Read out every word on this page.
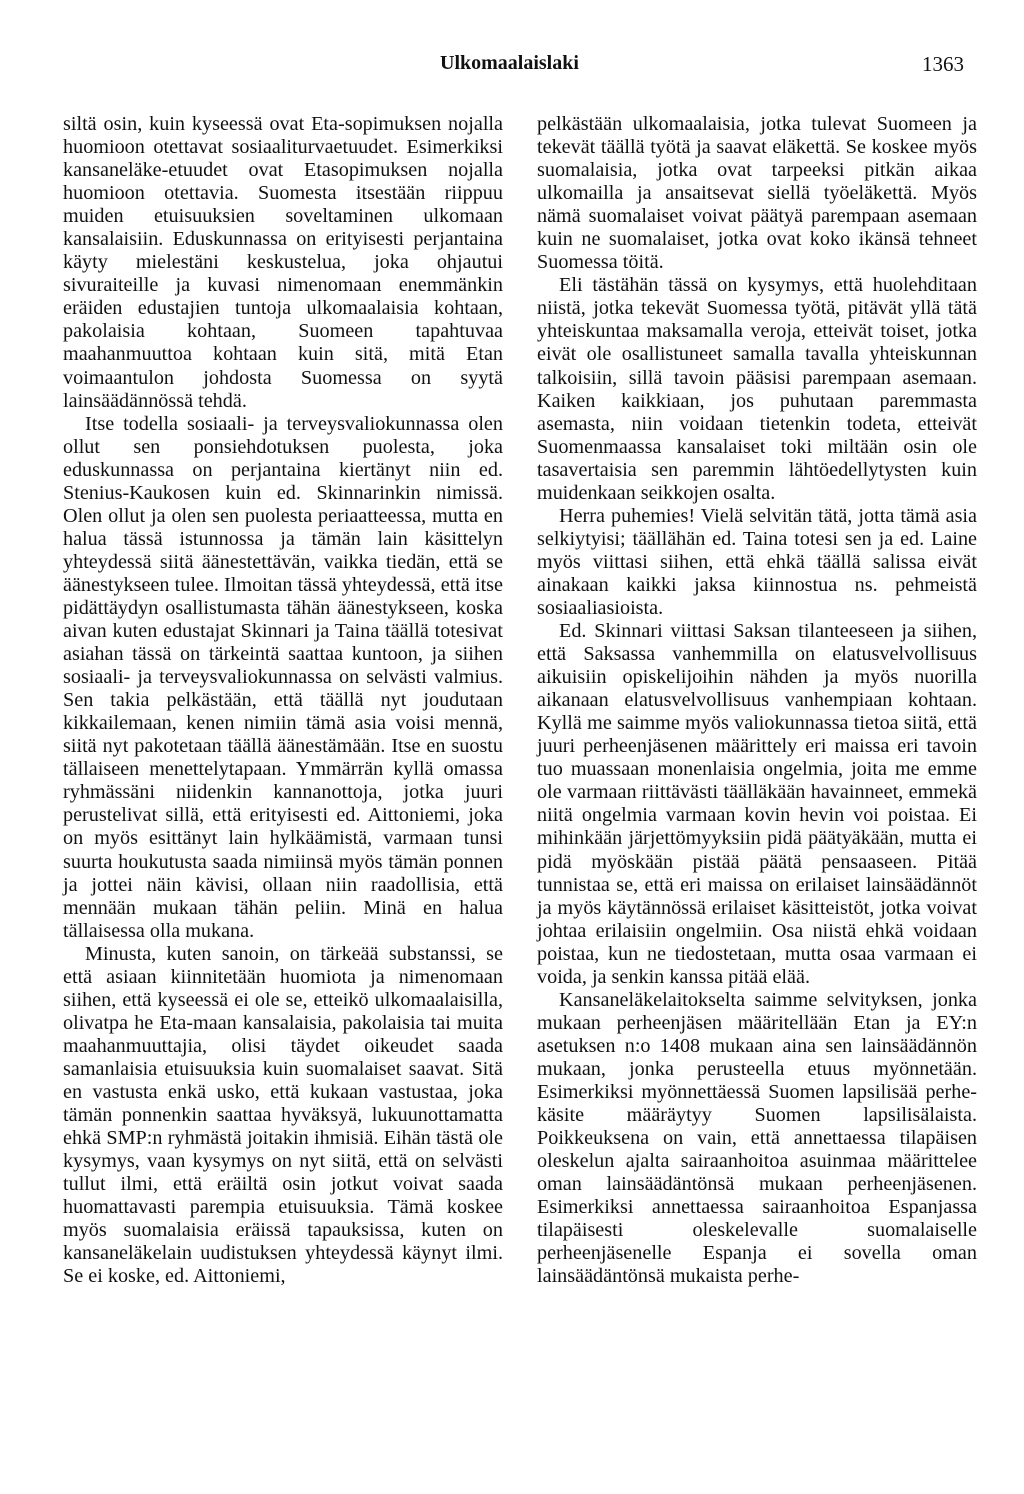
Ulkomaalaislaki	1363

siltä osin, kuin kyseessä ovat Eta-sopimuksen nojalla huomioon otettavat sosiaaliturvaetuudet. Esimerkiksi kansaneläke-etuudet ovat Etasopimuksen nojalla huomioon otettavia. Suomesta itsestään riippuu muiden etuisuuksien soveltaminen ulkomaan kansalaisiin. Eduskunnassa on erityisesti perjantaina käyty mielestäni keskustelua, joka ohjautui sivuraiteille ja kuvasi nimenomaan enemmänkin eräiden edustajien tuntoja ulkomaalaisia kohtaan, pakolaisia kohtaan, Suomeen tapahtuvaa maahanmuuttoa kohtaan kuin sitä, mitä Etan voimaantulon johdosta Suomessa on syytä lainsäädännössä tehdä.

Itse todella sosiaali- ja terveysvaliokunnassa olen ollut sen ponsiehdotuksen puolesta, joka eduskunnassa on perjantaina kiertänyt niin ed. Stenius-Kaukosen kuin ed. Skinnarinkin nimissä. Olen ollut ja olen sen puolesta periaatteessa, mutta en halua tässä istunnossa ja tämän lain käsittelyn yhteydessä siitä äänestettävän, vaikka tiedän, että se äänestykseen tulee. Ilmoitan tässä yhteydessä, että itse pidättäydyn osallistumasta tähän äänestykseen, koska aivan kuten edustajat Skinnari ja Taina täällä totesivat asiahan tässä on tärkeintä saattaa kuntoon, ja siihen sosiaali- ja terveysvaliokunnassa on selvästi valmius. Sen takia pelkästään, että täällä nyt joudutaan kikkailemaan, kenen nimiin tämä asia voisi mennä, siitä nyt pakotetaan täällä äänestämään. Itse en suostu tällaiseen menettelytapaan. Ymmärrän kyllä omassa ryhmässäni niidenkin kannanottoja, jotka juuri perustelivat sillä, että erityisesti ed. Aittoniemi, joka on myös esittänyt lain hylkäämistä, varmaan tunsi suurta houkutusta saada nimiinsä myös tämän ponnen ja jottei näin kävisi, ollaan niin raadollisia, että mennään mukaan tähän peliin. Minä en halua tällaisessa olla mukana.

Minusta, kuten sanoin, on tärkeää substanssi, se että asiaan kiinnitetään huomiota ja nimenomaan siihen, että kyseessä ei ole se, etteikö ulkomaalaisilla, olivatpa he Eta-maan kansalaisia, pakolaisia tai muita maahanmuuttajia, olisi täydet oikeudet saada samanlaisia etuisuuksia kuin suomalaiset saavat. Sitä en vastusta enkä usko, että kukaan vastustaa, joka tämän ponnenkin saattaa hyväksyä, lukuunottamatta ehkä SMP:n ryhmästä joitakin ihmisiä. Eihän tästä ole kysymys, vaan kysymys on nyt siitä, että on selvästi tullut ilmi, että eräiltä osin jotkut voivat saada huomattavasti parempia etuisuuksia. Tämä koskee myös suomalaisia eräissä tapauksissa, kuten on kansaneläkelain uudistuksen yhteydessä käynyt ilmi. Se ei koske, ed. Aittoniemi,

pelkästään ulkomaalaisia, jotka tulevat Suomeen ja tekevät täällä työtä ja saavat eläkettä. Se koskee myös suomalaisia, jotka ovat tarpeeksi pitkän aikaa ulkomailla ja ansaitsevat siellä työeläkettä. Myös nämä suomalaiset voivat päätyä parempaan asemaan kuin ne suomalaiset, jotka ovat koko ikänsä tehneet Suomessa töitä.

Eli tästähän tässä on kysymys, että huolehditaan niistä, jotka tekevät Suomessa työtä, pitävät yllä tätä yhteiskuntaa maksamalla veroja, etteivät toiset, jotka eivät ole osallistuneet samalla tavalla yhteiskunnan talkoisiin, sillä tavoin pääsisi parempaan asemaan. Kaiken kaikkiaan, jos puhutaan paremmasta asemasta, niin voidaan tietenkin todeta, etteivät Suomenmaassa kansalaiset toki miltään osin ole tasavertaisia sen paremmin lähtöedellytysten kuin muidenkaan seikkojen osalta.

Herra puhemies! Vielä selvitän tätä, jotta tämä asia selkiytyisi; täällähän ed. Taina totesi sen ja ed. Laine myös viittasi siihen, että ehkä täällä salissa eivät ainakaan kaikki jaksa kiinnostua ns. pehmeistä sosiaaliasioista.

Ed. Skinnari viittasi Saksan tilanteeseen ja siihen, että Saksassa vanhemmilla on elatusvelvollisuus aikuisiin opiskelijoihin nähden ja myös nuorilla aikanaan elatusvelvollisuus vanhempiaan kohtaan. Kyllä me saimme myös valiokunnassa tietoa siitä, että juuri perheenjäsenen määrittely eri maissa eri tavoin tuo muassaan monenlaisia ongelmia, joita me emme ole varmaan riittävästi täälläkään havainneet, emmekä niitä ongelmia varmaan kovin hevin voi poistaa. Ei mihinkään järjettömyyksiin pidä päätyäkään, mutta ei pidä myöskään pistää päätä pensaaseen. Pitää tunnistaa se, että eri maissa on erilaiset lainsäädännöt ja myös käytännössä erilaiset käsitteistöt, jotka voivat johtaa erilaisiin ongelmiin. Osa niistä ehkä voidaan poistaa, kun ne tiedostetaan, mutta osaa varmaan ei voida, ja senkin kanssa pitää elää.

Kansaneläkelaitokselta saimme selvityksen, jonka mukaan perheenjäsen määritellään Etan ja EY:n asetuksen n:o 1408 mukaan aina sen lainsäädännön mukaan, jonka perusteella etuus myönnetään. Esimerkiksi myönnettäessä Suomen lapsilisää perhe-käsite määräytyy Suomen lapsilisälaista. Poikkeuksena on vain, että annettaessa tilapäisen oleskelun ajalta sairaanhoitoa asuinmaa määrittelee oman lainsäädäntönsä mukaan perheenjäsenen. Esimerkiksi annettaessa sairaanhoitoa Espanjassa tilapäisesti oleskelevalle suomalaiselle perheenjäsenelle Espanja ei sovella oman lainsäädäntönsä mukaista perhe-
